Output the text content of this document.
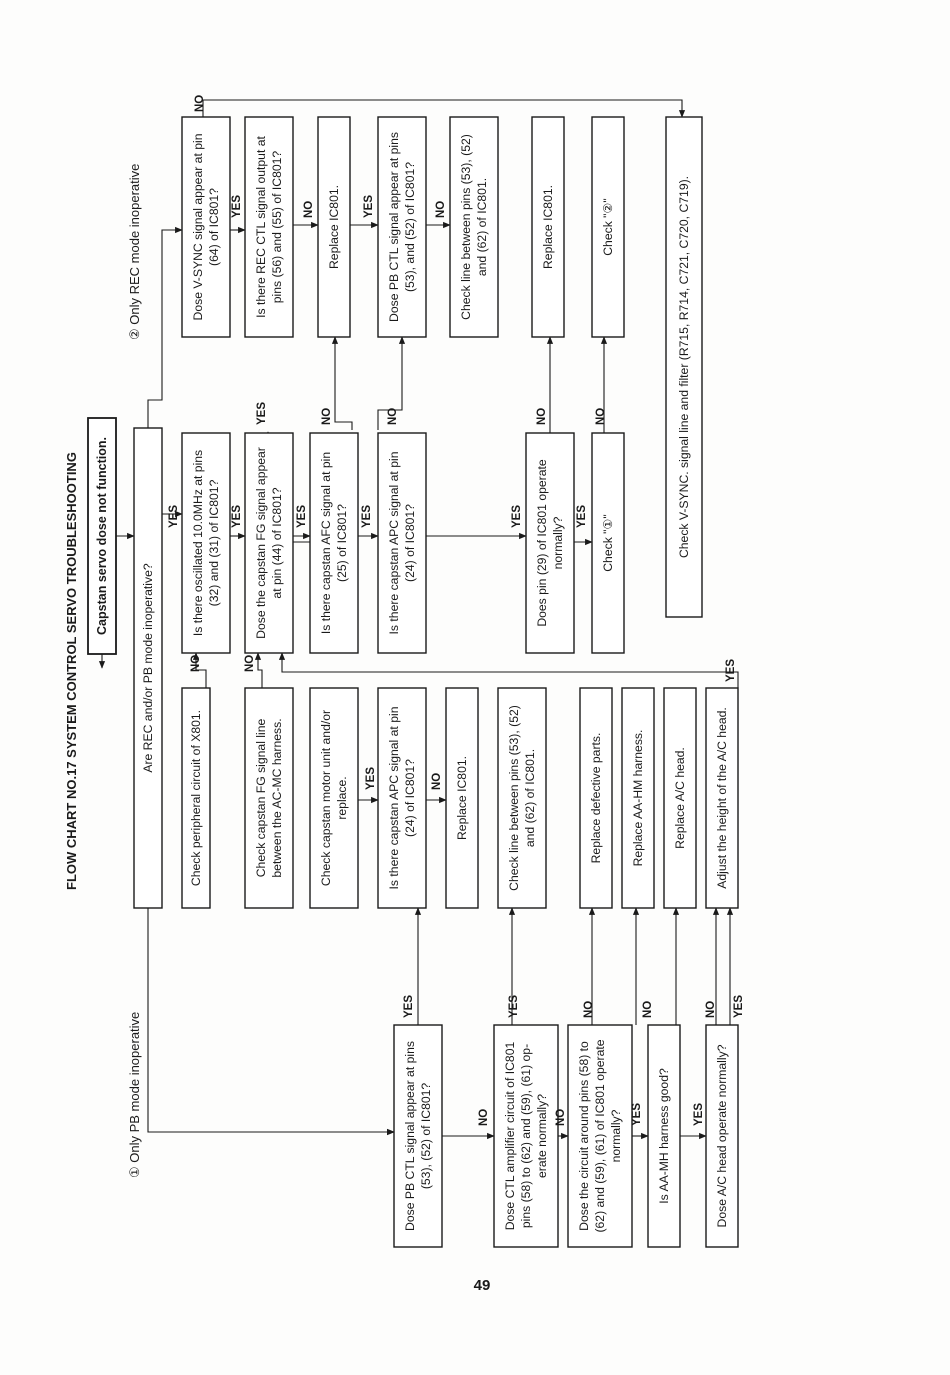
FLOW CHART NO.17 SYSTEM CONTROL SERVO TROUBLESHOOTING
① Only PB mode inoperative
② Only REC mode inoperative
49
Capstan servo dose not function.
Are REC and/or PB mode inoperative?
Check peripheral circuit of X801.
Is there oscillated 10.0MHz at pins (32) and (31) of IC801?
Check capstan FG signal line between the AC-MC harness.
Dose the capstan FG signal appear at pin (44) of IC801?
Check capstan motor unit and/or replace.
Is there capstan AFC signal at pin (25) of IC801?
Is there capstan APC signal at pin (24) of IC801?
Is there capstan APC signal at pin (24) of IC801?
Replace IC801.	Check line between pins (53), (52) and (62) of IC801.
Does pin (29) of IC801 operate normally?
Replace defective parts. Replace AA-HM harness.
Check "①"
Replace A/C head. Adjust the height of the A/C head.
Check V-SYNC. signal line and filter (R715, R714, C721, C720, C719).
Dose V-SYNC signal appear at pin (64) of IC801?	Is there REC CTL signal output at pins (56) and (55) of IC801?	Replace IC801.	Dose PB CTL signal appear at pins (53), and (52) of IC801?	Check line between pins (53), (52) and (62) of IC801.	Replace IC801.	Check "②"
Dose PB CTL signal appear at pins (53), (52) of IC801?	Dose CTL amplifier circuit of IC801 pins (58) to (62) and (59), (61) op- erate normally? Dose the circuit around pins (58) to (62) and (59), (61) of IC801 operate normally?	Is AA-MH harness good?	Dose A/C head operate normally?
YES
NO
YES
NO
YES
YES
NO
YES
NO
YES
NO
YES
NO
YES	NO
NO
YES	NO	YES	NO
YES
NO
YES
NO
NO
YES
NO
YES
NO YES
YES
